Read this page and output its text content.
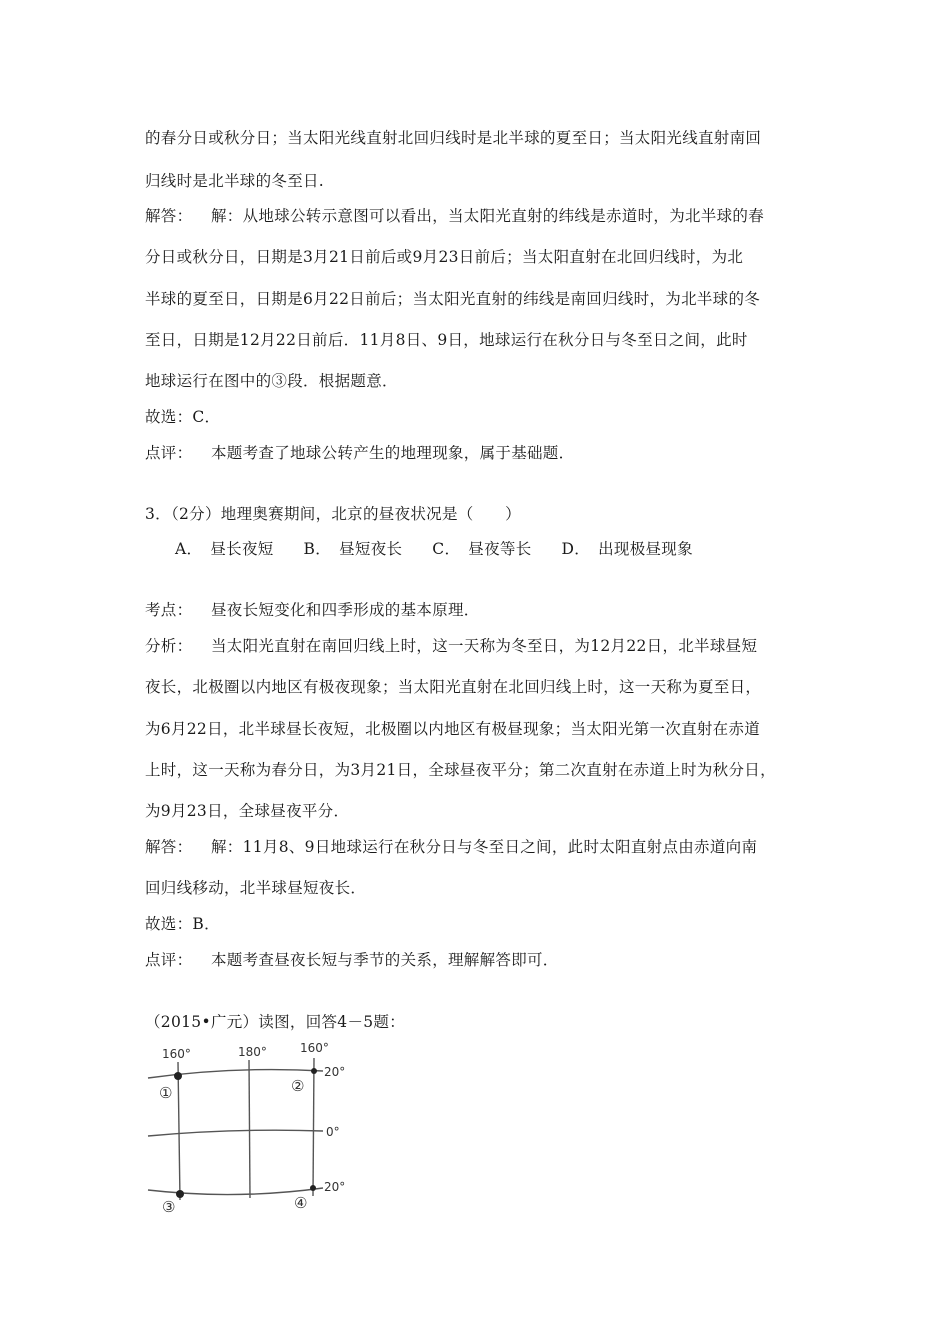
的春分日或秋分日；当太阳光线直射北回归线时是北半球的夏至日；当太阳光线直射南回
归线时是北半球的冬至日.
解答： 解：从地球公转示意图可以看出，当太阳光直射的纬线是赤道时，为北半球的春
分日或秋分日，日期是3月21日前后或9月23日前后；当太阳直射在北回归线时，为北
半球的夏至日，日期是6月22日前后；当太阳光直射的纬线是南回归线时，为北半球的冬
至日，日期是12月22日前后．11月8日、9日，地球运行在秋分日与冬至日之间，此时
地球运行在图中的③段．根据题意．
故选：C．
点评： 本题考查了地球公转产生的地理现象，属于基础题．
3．（2分）地理奥赛期间，北京的昼夜状况是（　　）
A．　昼长夜短 B．　昼短夜长 C．　昼夜等长 D．　出现极昼现象
考点： 昼夜长短变化和四季形成的基本原理．
分析： 当太阳光直射在南回归线上时，这一天称为冬至日，为12月22日，北半球昼短
夜长，北极圈以内地区有极夜现象；当太阳光直射在北回归线上时，这一天称为夏至日，
为6月22日，北半球昼长夜短，北极圈以内地区有极昼现象；当太阳光第一次直射在赤道
上时，这一天称为春分日，为3月21日，全球昼夜平分；第二次直射在赤道上时为秋分日，
为9月23日，全球昼夜平分．
解答： 解：11月8、9日地球运行在秋分日与冬至日之间，此时太阳直射点由赤道向南
回归线移动，北半球昼短夜长．
故选：B．
点评： 本题考查昼夜长短与季节的关系，理解解答即可．
（2015•广元）读图，回答4－5题：
160°	180°	160°
①	②
③	④
20°
0°
20°
